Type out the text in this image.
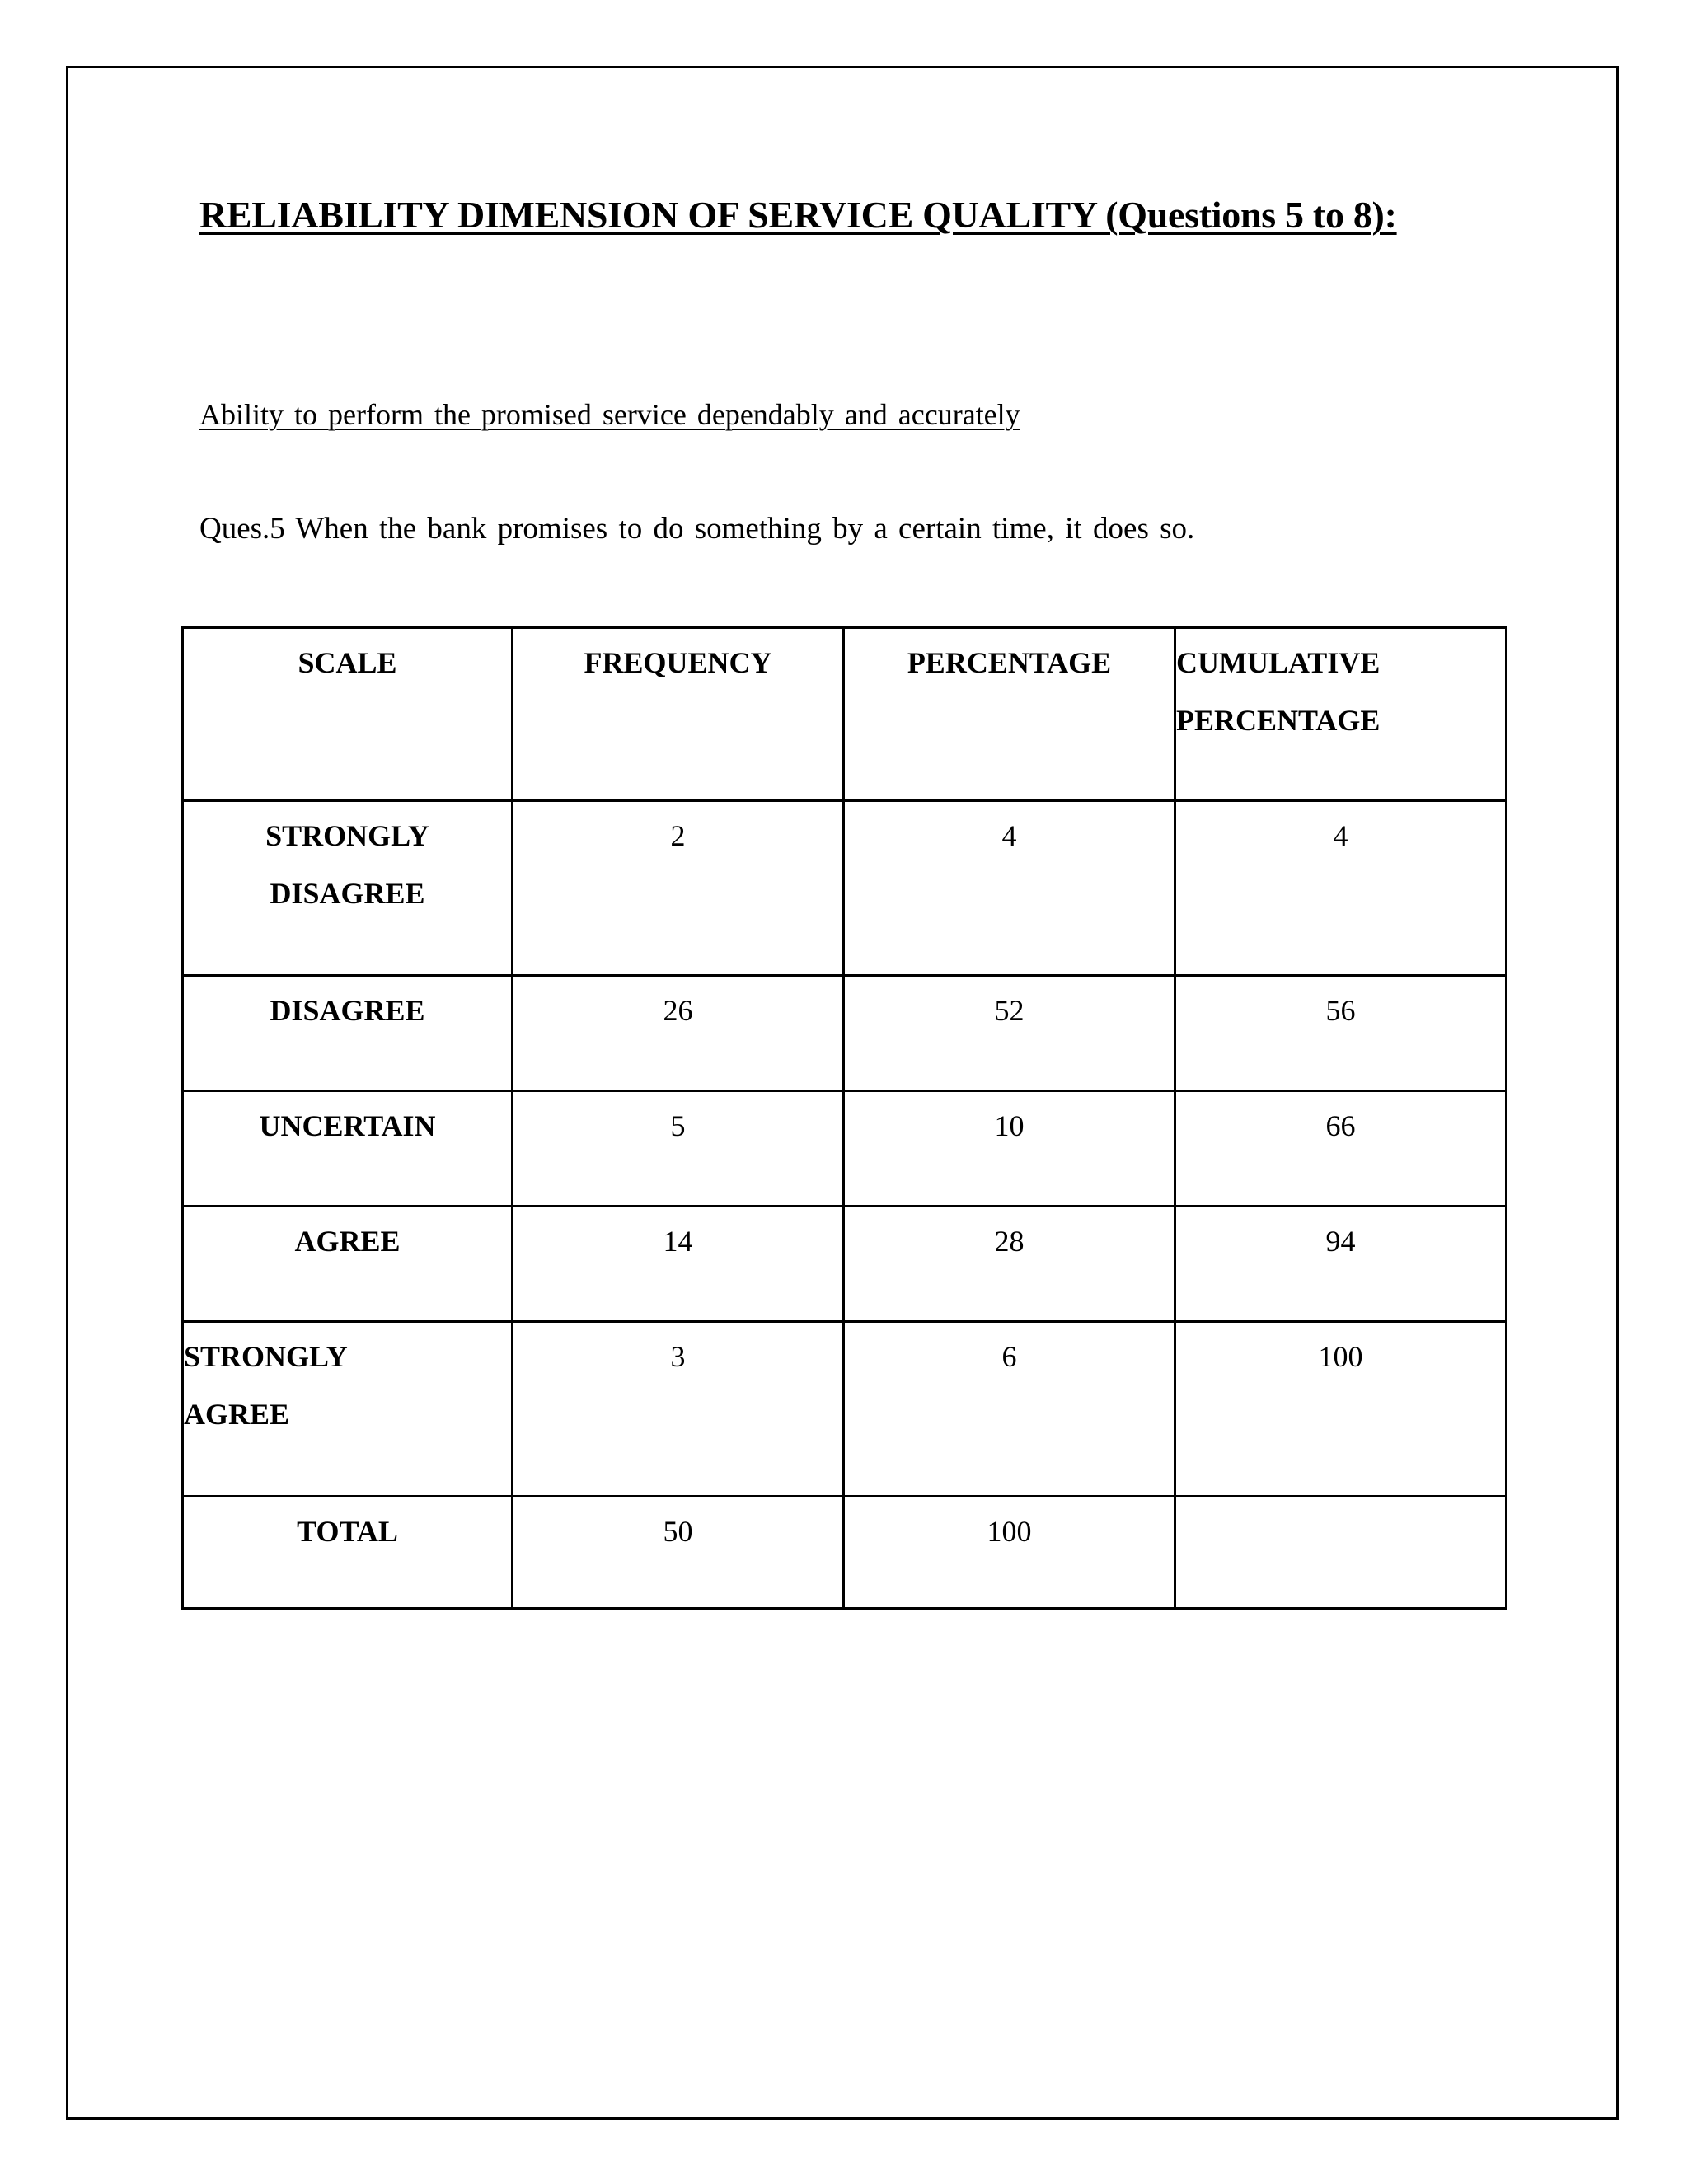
RELIABILITY DIMENSION OF SERVICE QUALITY (Questions 5 to 8):

Ability to perform the promised service dependably and accurately

Ques.5 When the bank promises to do something by a certain time, it does so.

SCALE	FREQUENCY	PERCENTAGE	CUMULATIVE
PERCENTAGE

STRONGLY
DISAGREE	2	4	4

DISAGREE	26	52	56

UNCERTAIN	5	10	66

AGREE	14	28	94

STRONGLY
AGREE	3	6	100

TOTAL	50	100	
